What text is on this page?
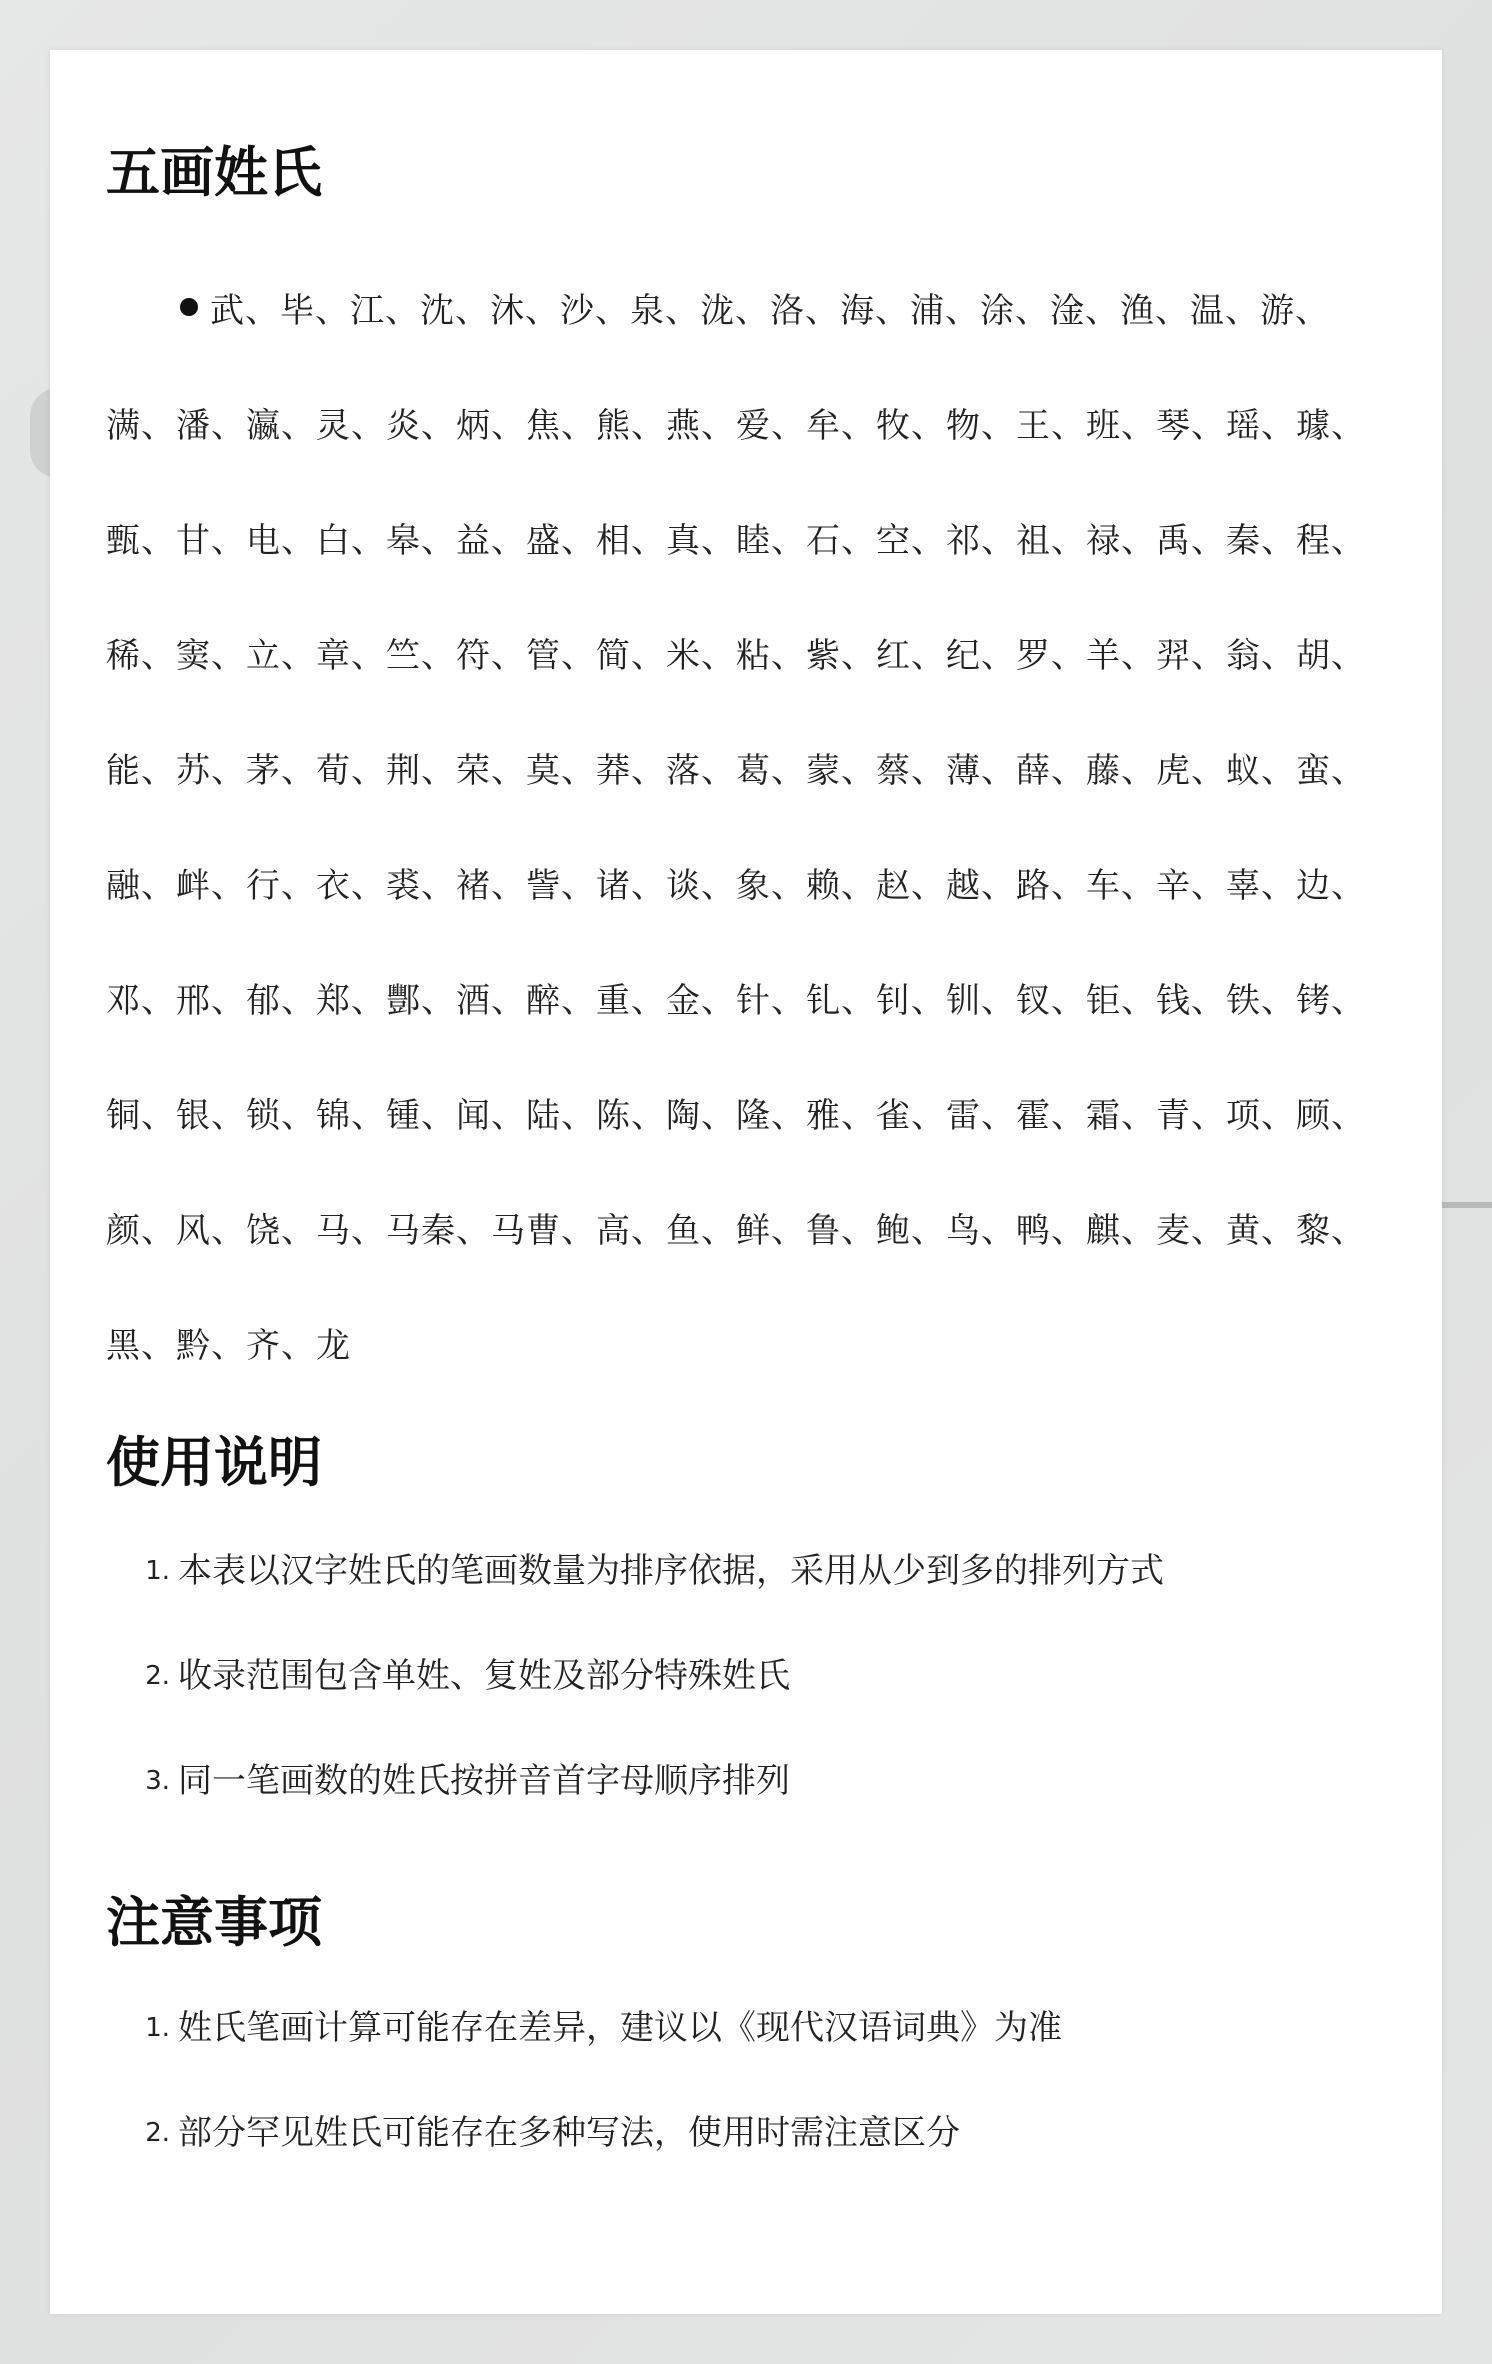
五画姓氏

武、毕、江、沈、沐、沙、泉、泷、洛、海、浦、涂、淦、渔、温、游、满、潘、瀛、灵、炎、炳、焦、熊、燕、爱、牟、牧、物、王、班、琴、瑶、璩、甄、甘、电、白、皋、益、盛、相、真、睦、石、空、祁、祖、禄、禹、秦、程、稀、窦、立、章、竺、符、管、简、米、粘、紫、红、纪、罗、羊、羿、翁、胡、能、苏、茅、荀、荆、荣、莫、莽、落、葛、蒙、蔡、薄、薛、藤、虎、蚁、蛮、融、衅、行、衣、裘、褚、訾、诸、谈、象、赖、赵、越、路、车、辛、辜、边、邓、邢、郁、郑、酆、酒、醉、重、金、针、钆、钊、钏、钗、钜、钱、铁、铐、铜、银、锁、锦、锺、闻、陆、陈、陶、隆、雅、雀、雷、霍、霜、青、项、顾、颜、风、饶、马、马秦、马曹、高、鱼、鲜、鲁、鲍、鸟、鸭、麒、麦、黄、黎、黑、黔、齐、龙

使用说明
1. 本表以汉字姓氏的笔画数量为排序依据，采用从少到多的排列方式
2. 收录范围包含单姓、复姓及部分特殊姓氏
3. 同一笔画数的姓氏按拼音首字母顺序排列
注意事项
1. 姓氏笔画计算可能存在差异，建议以《现代汉语词典》为准
2. 部分罕见姓氏可能存在多种写法，使用时需注意区分
